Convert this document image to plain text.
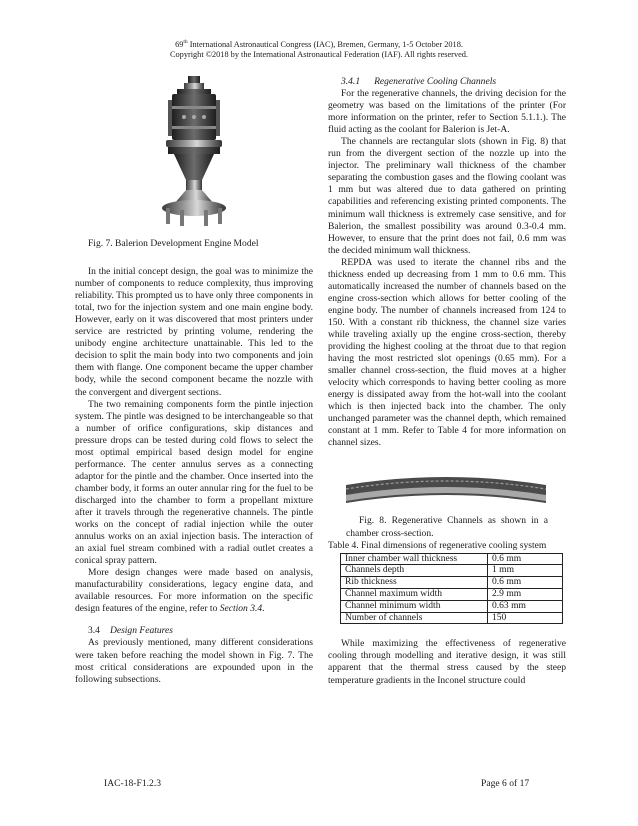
69th International Astronautical Congress (IAC), Bremen, Germany, 1-5 October 2018.
Copyright ©2018 by the International Astronautical Federation (IAF). All rights reserved.

Fig. 7. Balerion Development Engine Model

In the initial concept design, the goal was to minimize the number of components to reduce complexity, thus improving reliability. This prompted us to have only three components in total, two for the injection system and one main engine body. However, early on it was discovered that most printers under service are restricted by printing volume, rendering the unibody engine architecture unattainable. This led to the decision to split the main body into two components and join them with flange. One component became the upper chamber body, while the second component became the nozzle with the convergent and divergent sections.

The two remaining components form the pintle injection system. The pintle was designed to be interchangeable so that a number of orifice configurations, skip distances and pressure drops can be tested during cold flows to select the most optimal empirical based design model for engine performance. The center annulus serves as a connecting adaptor for the pintle and the chamber. Once inserted into the chamber body, it forms an outer annular ring for the fuel to be discharged into the chamber to form a propellant mixture after it travels through the regenerative channels. The pintle works on the concept of radial injection while the outer annulus works on an axial injection basis. The interaction of an axial fuel stream combined with a radial outlet creates a conical spray pattern.

More design changes were made based on analysis, manufacturability considerations, legacy engine data, and available resources. For more information on the specific design features of the engine, refer to Section 3.4.

3.4 Design Features

As previously mentioned, many different considerations were taken before reaching the model shown in Fig. 7. The most critical considerations are expounded upon in the following subsections.

3.4.1 Regenerative Cooling Channels

For the regenerative channels, the driving decision for the geometry was based on the limitations of the printer (For more information on the printer, refer to Section 5.1.1.). The fluid acting as the coolant for Balerion is Jet-A.

The channels are rectangular slots (shown in Fig. 8) that run from the divergent section of the nozzle up into the injector. The preliminary wall thickness of the chamber separating the combustion gases and the flowing coolant was 1 mm but was altered due to data gathered on printing capabilities and referencing existing printed components. The minimum wall thickness is extremely case sensitive, and for Balerion, the smallest possibility was around 0.3-0.4 mm. However, to ensure that the print does not fail, 0.6 mm was the decided minimum wall thickness.

REPDA was used to iterate the channel ribs and the thickness ended up decreasing from 1 mm to 0.6 mm. This automatically increased the number of channels based on the engine cross-section which allows for better cooling of the engine body. The number of channels increased from 124 to 150. With a constant rib thickness, the channel size varies while traveling axially up the engine cross-section, thereby providing the highest cooling at the throat due to that region having the most restricted slot openings (0.65 mm). For a smaller channel cross-section, the fluid moves at a higher velocity which corresponds to having better cooling as more energy is dissipated away from the hot-wall into the coolant which is then injected back into the chamber. The only unchanged parameter was the channel depth, which remained constant at 1 mm. Refer to Table 4 for more information on channel sizes.

Fig. 8. Regenerative Channels as shown in a chamber cross-section.

Table 4. Final dimensions of regenerative cooling system

Inner chamber wall thickness	0.6 mm
Channels depth	1 mm
Rib thickness	0.6 mm
Channel maximum width	2.9 mm
Channel minimum width	0.63 mm
Number of channels	150

While maximizing the effectiveness of regenerative cooling through modelling and iterative design, it was still apparent that the thermal stress caused by the steep temperature gradients in the Inconel structure could

IAC-18-F1.2.3	Page 6 of 17
